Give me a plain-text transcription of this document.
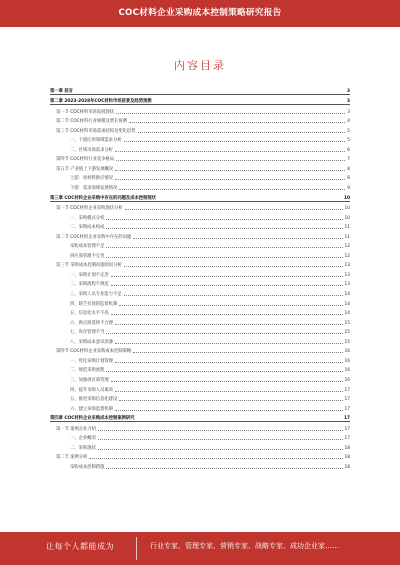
COC材料企业采购成本控制策略研究报告
内容目录
第一章 前言	3
第二章 2023-2028年COC材料市场前景及趋势预测	3
第一节 COC材料市场发展现状	3
第二节 COC材料行业规模及增长预测	4
第三节 COC材料市场需求结构及变化趋势	5
一、下游应用领域需求分析	5
二、区域市场需求分析	6
第四节 COC材料行业竞争格局	7
第五节 产业链上下游发展概况	8
上游：原材料供应情况	8
下游：需求领域发展情况	9
第三章 COC材料企业采购中存在的问题及成本控制现状	10
第一节 COC材料企业采购现状分析	10
一、采购模式分析	10
二、采购成本构成	11
第二节 COC材料企业采购中存在的问题	11
采购成本管理不足	12
供应商管理不完善	12
第三节 采购成本控制问题原因分析	13
一、采购计划不完善	13
二、采购流程不规范	13
三、采购人员专业能力不足	14
四、缺乏有效的监督机制	14
五、信息化水平不高	14
六、供应商选择不合理	15
七、库存管理不当	15
八、采购成本意识淡薄	15
第四节 COC材料企业采购成本控制策略	16
一、优化采购计划管理	16
二、规范采购流程	16
三、加强供应商管理	16
四、提升采购人员素质	17
五、推进采购信息化建设	17
六、建立采购监督机制	17
第四章 COC材料企业采购成本控制案例研究	17
第一节 案例企业介绍	17
一、企业概况	17
二、采购现状	18
第二节 案例分析	18
采购成本控制措施	18
让每个人都能成为	行业专家、管理专家、营销专家、战略专家、成功企业家……
